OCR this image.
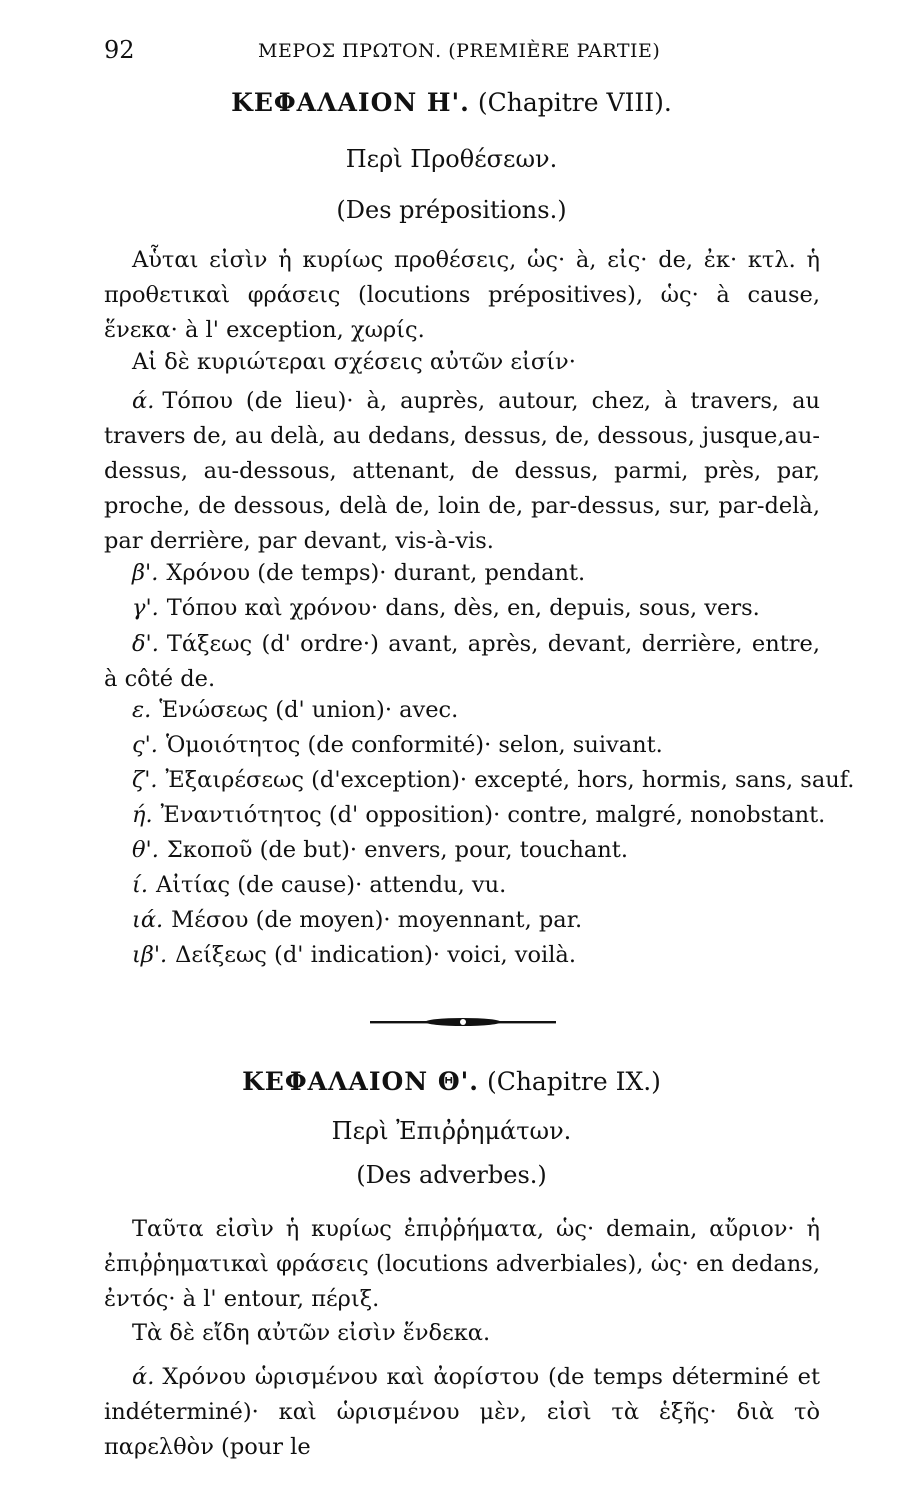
92	ΜΕΡΟΣ ΠΡΩΤΟΝ. (PREMIÈRE PARTIE)
ΚΕΦΑΛΑΙΟΝ Η'. (Chapitre VIII).
Περὶ Προθέσεων.
(Des prépositions.)
Αὗται εἰσὶν ἡ κυρίως προθέσεις, ὡς· à, εἰς· de, ἐκ· κτλ. ἡ προθετικαὶ φράσεις (locutions prépositives), ὡς· à cause, ἕνεκα· à l' exception, χωρίς.
Αἱ δὲ κυριώτεραι σχέσεις αὐτῶν εἰσίν·
ά. Τόπου (de lieu)· à, auprès, autour, chez, à travers, au travers de, au delà, au dedans, dessus, de, dessous, jusque,au-dessus, au-dessous, attenant, de dessus, parmi, près, par, proche, de dessous, delà de, loin de, par-dessus, sur, par-delà, par derrière, par devant, vis-à-vis.
β'. Χρόνου (de temps)· durant, pendant.
γ'. Τόπου καὶ χρόνου· dans, dès, en, depuis, sous, vers.
δ'. Τάξεως (d' ordre·) avant, après, devant, derrière, entre, à côté de.
ε. Ἑνώσεως (d' union)· avec.
ς'. Ὁμοιότητος (de conformité)· selon, suivant.
ζ'. Ἐξαιρέσεως (d'exception)· excepté, hors, hormis, sans, sauf.
ή. Ἐναντιότητος (d' opposition)· contre, malgré, nonobstant.
θ'. Σκοποῦ (de but)· envers, pour, touchant.
ί. Αἰτίας (de cause)· attendu, vu.
ιά. Μέσου (de moyen)· moyennant, par.
ιβ'. Δείξεως (d' indication)· voici, voilà.
ΚΕΦΑΛΑΙΟΝ Θ'. (Chapitre IX.)
Περὶ Ἐπιῤῥημάτων.
(Des adverbes.)
Ταῦτα εἰσὶν ἡ κυρίως ἐπιῤῥήματα, ὡς· demain, αὔριον· ἡ ἐπιῤῥηματικαὶ φράσεις (locutions adverbiales), ὡς· en dedans, ἐντός· à l' entour, πέριξ.
Τὰ δὲ εἴδη αὐτῶν εἰσὶν ἕνδεκα.
ά. Χρόνου ὡρισμένου καὶ ἀορίστου (de temps déterminé et indéterminé)· καὶ ὡρισμένου μὲν, εἰσὶ τὰ ἑξῆς· διὰ τὸ παρελθὸν (pour le
